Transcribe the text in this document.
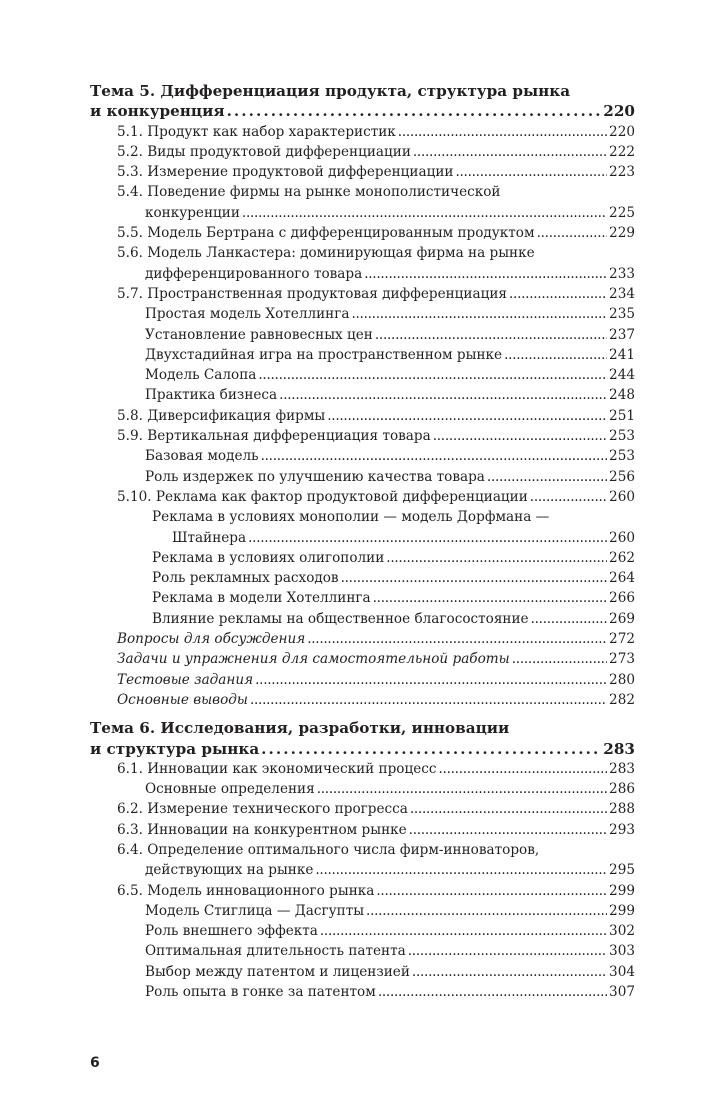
Тема 5. Дифференциация продукта, структура рынка
и конкуренция . . .	220
5.1. Продукт как набор характеристик . . .	220
5.2. Виды продуктовой дифференциации . . .	222
5.3. Измерение продуктовой дифференциации . . .	223
5.4. Поведение фирмы на рынке монополистической
конкуренции . . .	225
5.5. Модель Бертрана с дифференцированным продуктом . . .	229
5.6. Модель Ланкастера: доминирующая фирма на рынке
дифференцированного товара . . .	233
5.7. Пространственная продуктовая дифференциация . . .	234
Простая модель Хотеллинга . . .	235
Установление равновесных цен . . .	237
Двухстадийная игра на пространственном рынке . . .	241
Модель Салопа . . .	244
Практика бизнеса . . .	248
5.8. Диверсификация фирмы . . .	251
5.9. Вертикальная дифференциация товара . . .	253
Базовая модель . . .	253
Роль издержек по улучшению качества товара . . .	256
5.10. Реклама как фактор продуктовой дифференциации . . .	260
Реклама в условиях монополии — модель Дорфмана —
Штайнера . . .	260
Реклама в условиях олигополии . . .	262
Роль рекламных расходов . . .	264
Реклама в модели Хотеллинга . . .	266
Влияние рекламы на общественное благосостояние . . .	269
Вопросы для обсуждения . . .	272
Задачи и упражнения для самостоятельной работы . . .	273
Тестовые задания . . .	280
Основные выводы . . .	282
Тема 6. Исследования, разработки, инновации
и структура рынка . . .	283
6.1. Инновации как экономический процесс . . .	283
Основные определения . . .	286
6.2. Измерение технического прогресса . . .	288
6.3. Инновации на конкурентном рынке . . .	293
6.4. Определение оптимального числа фирм-инноваторов,
действующих на рынке . . .	295
6.5. Модель инновационного рынка . . .	299
Модель Стиглица — Дасгупты . . .	299
Роль внешнего эффекта . . .	302
Оптимальная длительность патента . . .	303
Выбор между патентом и лицензией . . .	304
Роль опыта в гонке за патентом . . .	307
6
